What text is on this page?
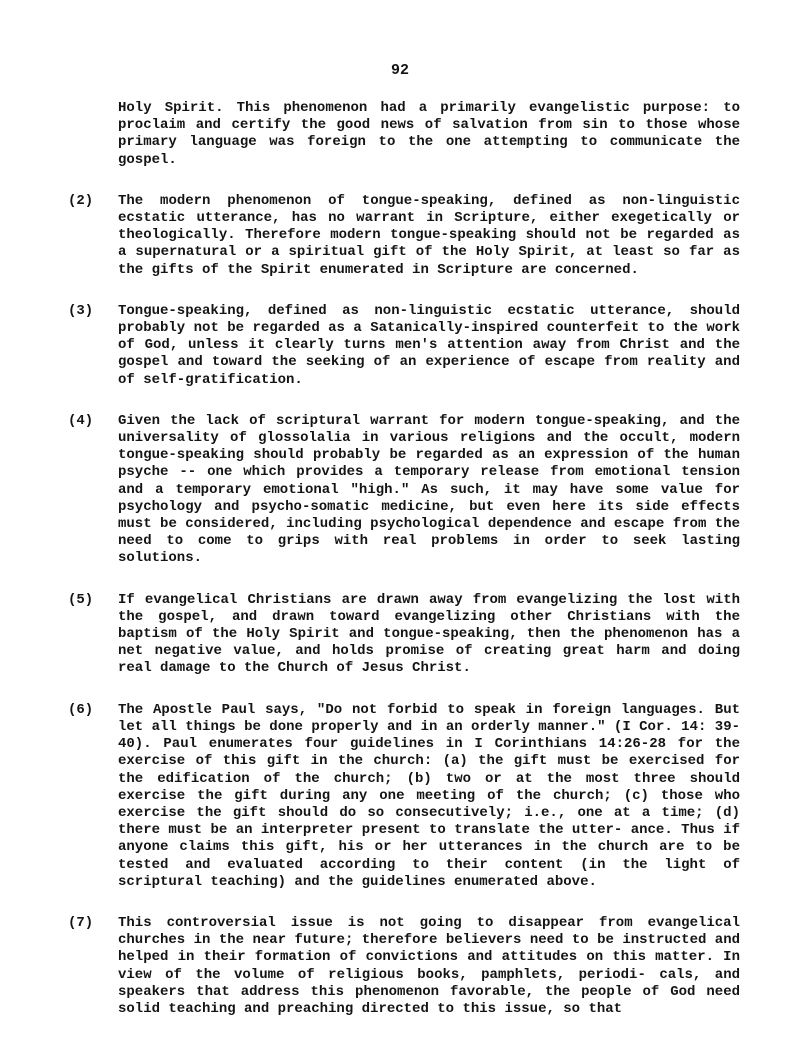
92

Holy Spirit. This phenomenon had a primarily evangelistic purpose: to proclaim and certify the good news of salvation from sin to those whose primary language was foreign to the one attempting to communicate the gospel.

(2)	The modern phenomenon of tongue-speaking, defined as non-linguistic ecstatic utterance, has no warrant in Scripture, either exegetically or theologically. Therefore modern tongue-speaking should not be regarded as a supernatural or a spiritual gift of the Holy Spirit, at least so far as the gifts of the Spirit enumerated in Scripture are concerned.

(3)	Tongue-speaking, defined as non-linguistic ecstatic utterance, should probably not be regarded as a Satanically-inspired counterfeit to the work of God, unless it clearly turns men's attention away from Christ and the gospel and toward the seeking of an experience of escape from reality and of self-gratification.

(4)	Given the lack of scriptural warrant for modern tongue-speaking, and the universality of glossolalia in various religions and the occult, modern tongue-speaking should probably be regarded as an expression of the human psyche -- one which provides a temporary release from emotional tension and a temporary emotional "high." As such, it may have some value for psychology and psycho-somatic medicine, but even here its side effects must be considered, including psychological dependence and escape from the need to come to grips with real problems in order to seek lasting solutions.

(5)	If evangelical Christians are drawn away from evangelizing the lost with the gospel, and drawn toward evangelizing other Christians with the baptism of the Holy Spirit and tongue-speaking, then the phenomenon has a net negative value, and holds promise of creating great harm and doing real damage to the Church of Jesus Christ.

(6)	The Apostle Paul says, "Do not forbid to speak in foreign languages. But let all things be done properly and in an orderly manner." (I Cor. 14: 39-40). Paul enumerates four guidelines in I Corinthians 14:26-28 for the exercise of this gift in the church: (a) the gift must be exercised for the edification of the church; (b) two or at the most three should exercise the gift during any one meeting of the church; (c) those who exercise the gift should do so consecutively; i.e., one at a time; (d) there must be an interpreter present to translate the utter- ance. Thus if anyone claims this gift, his or her utterances in the church are to be tested and evaluated according to their content (in the light of scriptural teaching) and the guidelines enumerated above.

(7)	This controversial issue is not going to disappear from evangelical churches in the near future; therefore believers need to be instructed and helped in their formation of convictions and attitudes on this matter. In view of the volume of religious books, pamphlets, periodi- cals, and speakers that address this phenomenon favorable, the people of God need solid teaching and preaching directed to this issue, so that
